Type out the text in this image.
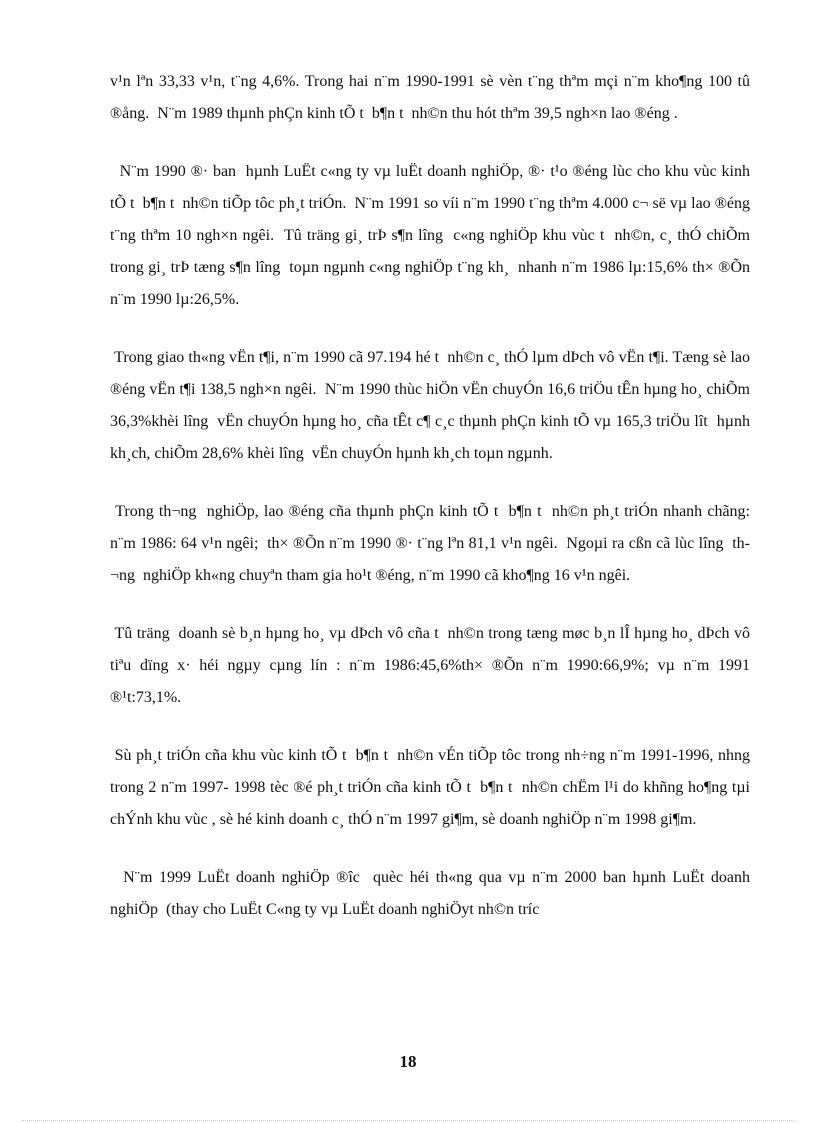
v¹n lªn 33,33 v¹n, t¨ng 4,6%. Trong hai n¨m 1990-1991 sè vèn t¨ng thªm mçi n¨m kho¶ng 100 tû ®ång.  N¨m 1989 thµnh phÇn kinh tÕ t  b¶n t  nh©n thu hót thªm 39,5 ngh×n lao ®éng .

N¨m 1990 ®· ban  hµnh LuËt c«ng ty vµ luËt doanh nghiÖp, ®· t¹o ®éng lùc cho khu vùc kinh tÕ t  b¶n t  nh©n tiÕp tôc ph¸t triÓn.  N¨m 1991 so víi n¨m 1990 t¨ng thªm 4.000 c¬ së vµ lao ®éng t¨ng thªm 10 ngh×n ngêi.  Tû träng gi¸ trÞ s¶n lîng  c«ng nghiÖp khu vùc t  nh©n, c¸ thÓ chiÕm trong gi¸ trÞ tæng s¶n lîng  toµn ngµnh c«ng nghiÖp t¨ng kh¸  nhanh n¨m 1986 lµ:15,6% th× ®Õn n¨m 1990 lµ:26,5%.

Trong giao th«ng vËn t¶i, n¨m 1990 cã 97.194 hé t  nh©n c¸ thÓ lµm dÞch vô vËn t¶i. Tæng sè lao ®éng vËn t¶i 138,5 ngh×n ngêi.  N¨m 1990 thùc hiÖn vËn chuyÓn 16,6 triÖu tÊn hµng ho¸ chiÕm 36,3%khèi lîng  vËn chuyÓn hµng ho¸ cña tÊt c¶ c¸c thµnh phÇn kinh tÕ vµ 165,3 triÖu lît  hµnh kh¸ch, chiÕm 28,6% khèi lîng  vËn chuyÓn hµnh kh¸ch toµn ngµnh.

Trong th¬ng  nghiÖp, lao ®éng cña thµnh phÇn kinh tÕ t  b¶n t  nh©n ph¸t triÓn nhanh chãng: n¨m 1986: 64 v¹n ngêi;  th× ®Õn n¨m 1990 ®· t¨ng lªn 81,1 v¹n ngêi.  Ngoµi ra cßn cã lùc lîng  th¬ng  nghiÖp kh«ng chuyªn tham gia ho¹t ®éng, n¨m 1990 cã kho¶ng 16 v¹n ngêi.

Tû träng  doanh sè b¸n hµng ho¸ vµ dÞch vô cña t  nh©n trong tæng møc b¸n lÎ hµng ho¸ dÞch vô tiªu dïng x· héi ngµy cµng lín : n¨m 1986:45,6%th× ®Õn n¨m 1990:66,9%; vµ n¨m 1991 ®¹t:73,1%.

Sù ph¸t triÓn cña khu vùc kinh tÕ t  b¶n t  nh©n vÉn tiÕp tôc trong nh÷ng n¨m 1991-1996, nhng  trong 2 n¨m 1997- 1998 tèc ®é ph¸t triÓn cña kinh tÕ t  b¶n t  nh©n chËm l¹i do khñng ho¶ng tµi chÝnh khu vùc , sè hé kinh doanh c¸ thÓ n¨m 1997 gi¶m, sè doanh nghiÖp n¨m 1998 gi¶m.

N¨m 1999 LuËt doanh nghiÖp ®îc  quèc héi th«ng qua vµ n¨m 2000 ban hµnh LuËt doanh nghiÖp  (thay cho LuËt C«ng ty vµ LuËt doanh nghiÖyt nh©n tríc

18
